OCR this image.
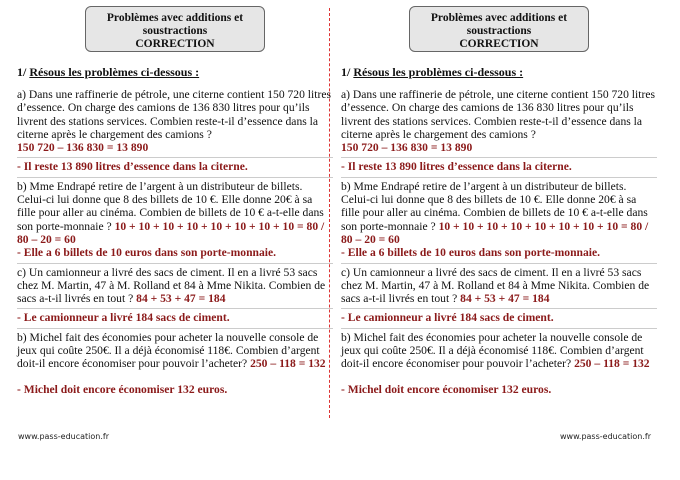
Problèmes avec additions et
soustractions
CORRECTION
1/ Résous les problèmes ci-dessous :

a) Dans une raffinerie de pétrole, une citerne contient 150 720 litres d’essence. On charge des camions de 136 830 litres pour qu’ils livrent des stations services. Combien reste-t-il d’essence dans la citerne après le chargement des camions ?

150 720 – 136 830 = 13 890
- Il reste 13 890 litres d’essence dans la citerne.

b) Mme Endrapé retire de l’argent à un distributeur de billets. Celui-ci lui donne que 8 des billets de 10 €. Elle donne 20€ à sa fille pour aller au cinéma. Combien de billets de 10 € a-t-elle dans son porte-monnaie ? 10 + 10 + 10 + 10 + 10 + 10 + 10 + 10 = 80 / 80 – 20 = 60

- Elle a 6 billets de 10 euros dans son porte-monnaie.

c) Un camionneur a livré des sacs de ciment. Il en a livré 53 sacs chez M. Martin, 47 à M. Rolland et 84 à Mme Nikita. Combien de sacs a-t-il livrés en tout ? 84 + 53 + 47 = 184

- Le camionneur a livré 184 sacs de ciment.

b) Michel fait des économies pour acheter la nouvelle console de jeux qui coûte 250€. Il a déjà économisé 118€. Combien d’argent doit-il encore économiser pour pouvoir l’acheter? 250 – 118 = 132

- Michel doit encore économiser 132 euros.
Problèmes avec additions et
soustractions
CORRECTION
1/ Résous les problèmes ci-dessous :

a) Dans une raffinerie de pétrole, une citerne contient 150 720 litres d’essence. On charge des camions de 136 830 litres pour qu’ils livrent des stations services. Combien reste-t-il d’essence dans la citerne après le chargement des camions ?

150 720 – 136 830 = 13 890
- Il reste 13 890 litres d’essence dans la citerne.

b) Mme Endrapé retire de l’argent à un distributeur de billets. Celui-ci lui donne que 8 des billets de 10 €. Elle donne 20€ à sa fille pour aller au cinéma. Combien de billets de 10 € a-t-elle dans son porte-monnaie ? 10 + 10 + 10 + 10 + 10 + 10 + 10 + 10 = 80 / 80 – 20 = 60

- Elle a 6 billets de 10 euros dans son porte-monnaie.

c) Un camionneur a livré des sacs de ciment. Il en a livré 53 sacs chez M. Martin, 47 à M. Rolland et 84 à Mme Nikita. Combien de sacs a-t-il livrés en tout ? 84 + 53 + 47 = 184

- Le camionneur a livré 184 sacs de ciment.

b) Michel fait des économies pour acheter la nouvelle console de jeux qui coûte 250€. Il a déjà économisé 118€. Combien d’argent doit-il encore économiser pour pouvoir l’acheter? 250 – 118 = 132

- Michel doit encore économiser 132 euros.
www.pass-education.fr	www.pass-education.fr
